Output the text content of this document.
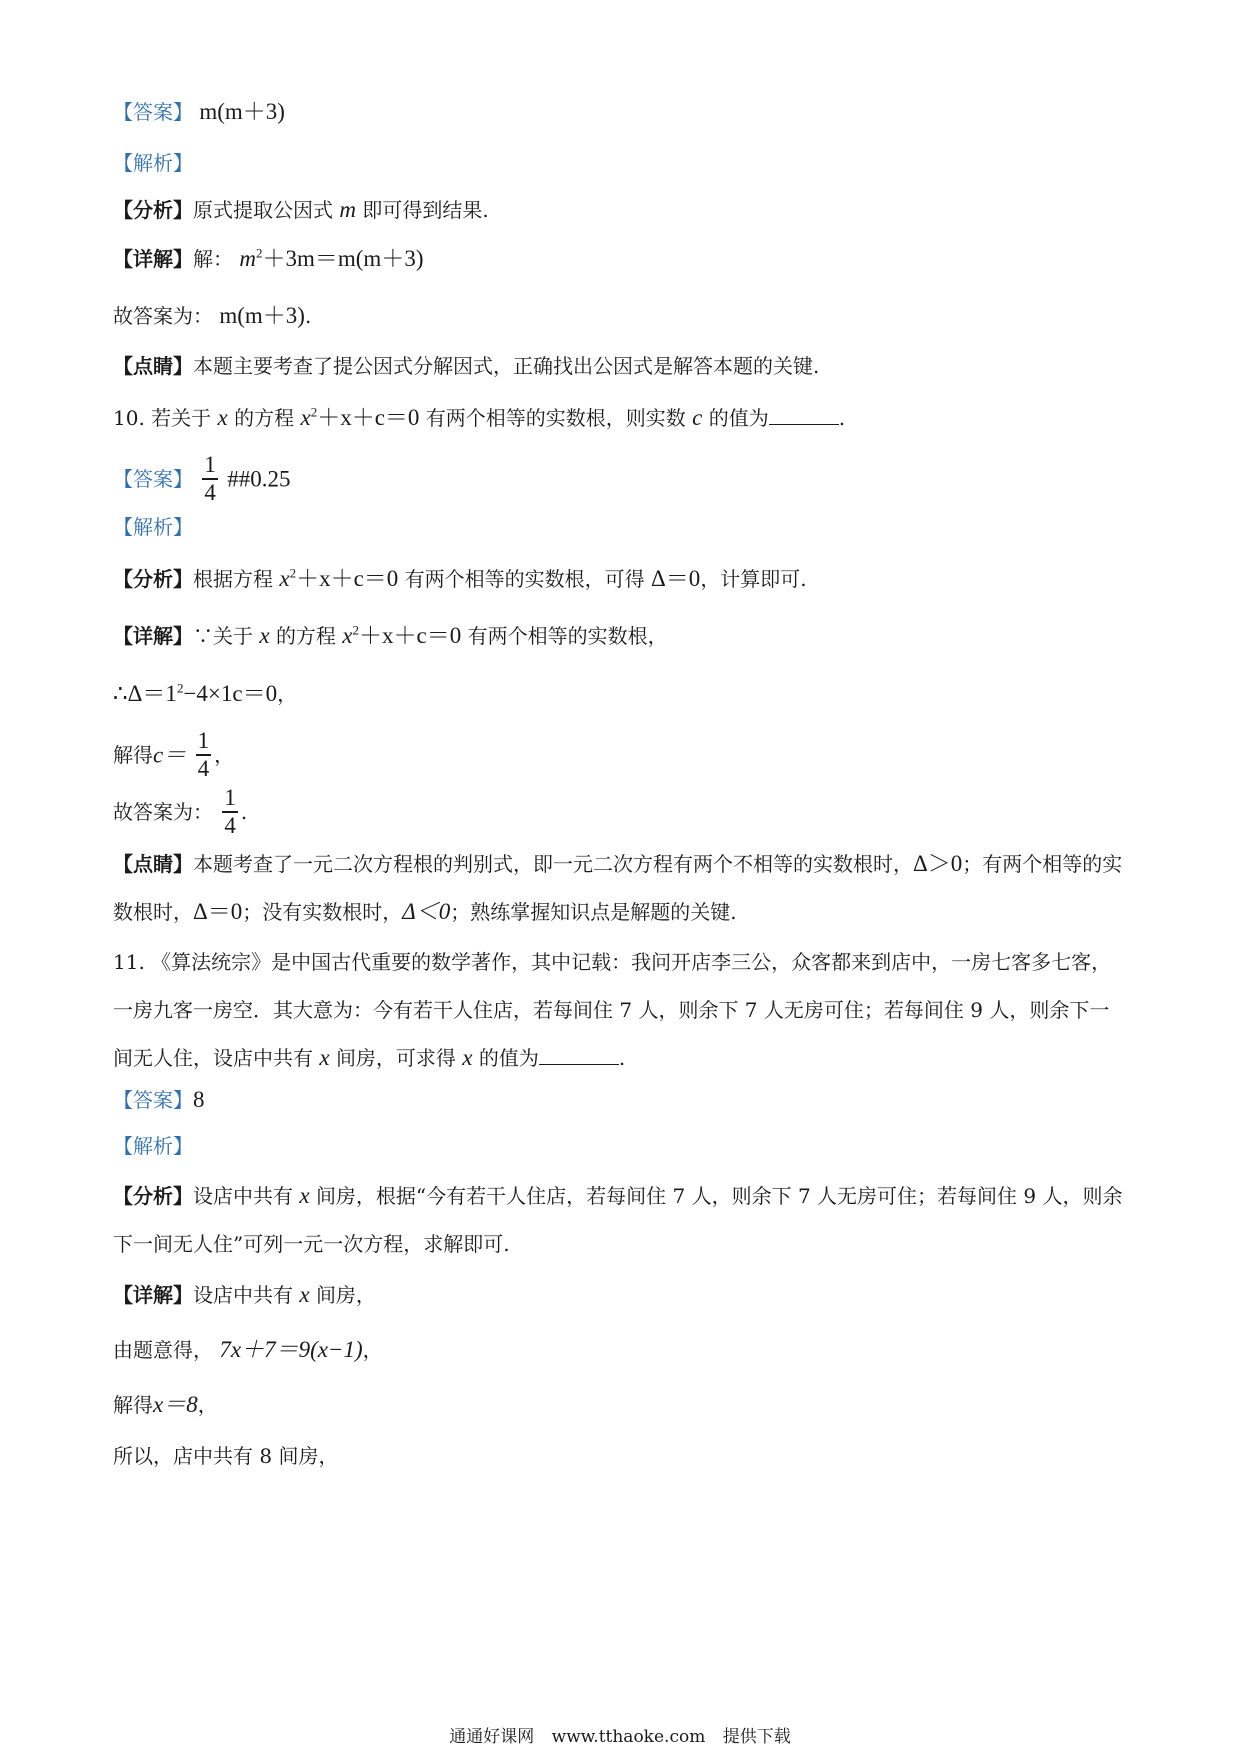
【答案】 m(m＋3)
【解析】
【分析】原式提取公因式 m 即可得到结果.
【详解】解： $m^2+3m=m(m+3)$
故答案为： m(m＋3).
【点睛】本题主要考查了提公因式分解因式，正确找出公因式是解答本题的关键.
10. 若关于 x 的方程 $x^2+x+c=0$ 有两个相等的实数根，则实数 c 的值为	.
【答案】 $\frac{1}{4}$ ##0.25
【解析】
【分析】根据方程 $x^2+x+c=0$ 有两个相等的实数根，可得 Δ＝0，计算即可.
【详解】∵关于 x 的方程 $x^2+x+c=0$ 有两个相等的实数根，
$\therefore\Delta=1^2-4\times 1c=0$，
解得$c= \frac{1}{4}$ ，
故答案为： $\frac{1}{4}$ .
【点睛】本题考查了一元二次方程根的判别式，即一元二次方程有两个不相等的实数根时，Δ＞0；有两个相等的实数根时，Δ＝0；没有实数根时，Δ＜0；熟练掌握知识点是解题的关键.
11. 《算法统宗》是中国古代重要的数学著作，其中记载：我问开店李三公，众客都来到店中，一房七客多七客，一房九客一房空．其大意为：今有若干人住店，若每间住 7 人，则余下 7 人无房可住；若每间住 9 人，则余下一间无人住，设店中共有 x 间房，可求得 x 的值为	.
【答案】8
【解析】
【分析】设店中共有 x 间房，根据“今有若干人住店，若每间住 7 人，则余下 7 人无房可住；若每间住 9 人，则余下一间无人住”可列一元一次方程，求解即可.
【详解】设店中共有 x 间房，
由题意得， 7x＋7＝9(x−1)，
解得x＝8，
所以，店中共有 8 间房，
通通好课网 www.tthaoke.com 提供下载
